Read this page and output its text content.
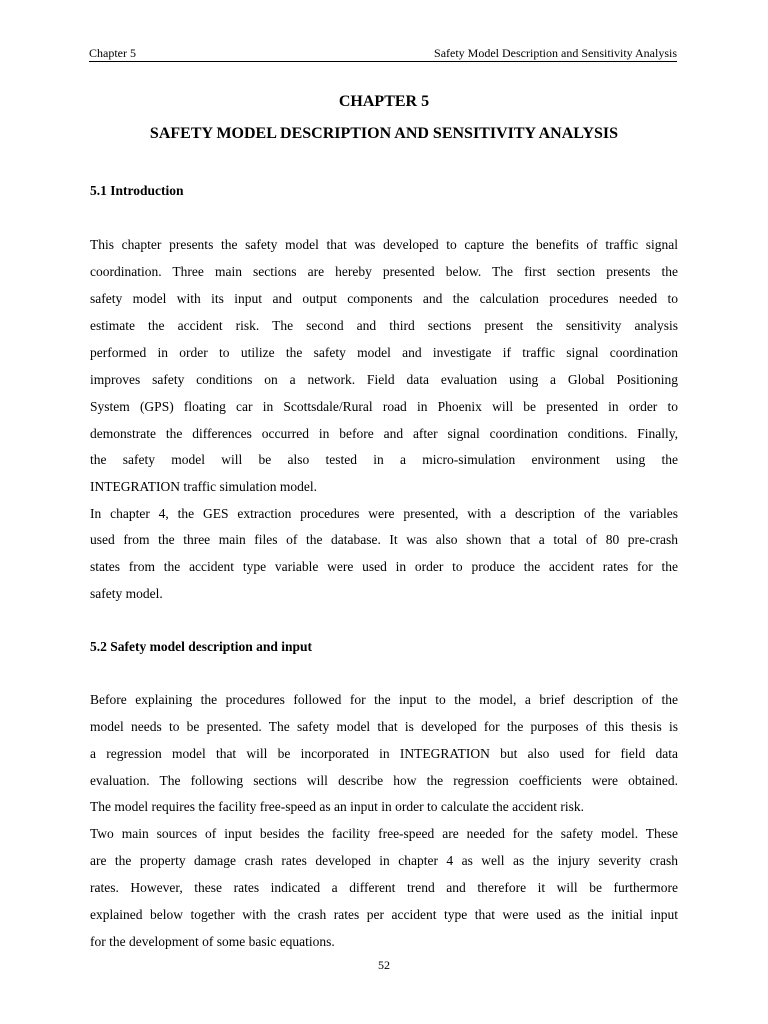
Chapter 5	Safety Model Description and Sensitivity Analysis
CHAPTER 5
SAFETY MODEL DESCRIPTION AND SENSITIVITY ANALYSIS
5.1 Introduction
This chapter presents the safety model that was developed to capture the benefits of traffic signal
coordination. Three main sections are hereby presented below. The first section presents the
safety model with its input and output components and the calculation procedures needed to
estimate the accident risk. The second and third sections present the sensitivity analysis
performed in order to utilize the safety model and investigate if traffic signal coordination
improves safety conditions on a network. Field data evaluation using a Global Positioning
System (GPS) floating car in Scottsdale/Rural road in Phoenix will be presented in order to
demonstrate the differences occurred in before and after signal coordination conditions. Finally,
the safety model will be also tested in a micro-simulation environment using the
INTEGRATION traffic simulation model.
In chapter 4, the GES extraction procedures were presented, with a description of the variables
used from the three main files of the database. It was also shown that a total of 80 pre-crash
states from the accident type variable were used in order to produce the accident rates for the
safety model.
5.2 Safety model description and input
Before explaining the procedures followed for the input to the model, a brief description of the
model needs to be presented. The safety model that is developed for the purposes of this thesis is
a regression model that will be incorporated in INTEGRATION but also used for field data
evaluation. The following sections will describe how the regression coefficients were obtained.
The model requires the facility free-speed as an input in order to calculate the accident risk.
Two main sources of input besides the facility free-speed are needed for the safety model. These
are the property damage crash rates developed in chapter 4 as well as the injury severity crash
rates. However, these rates indicated a different trend and therefore it will be furthermore
explained below together with the crash rates per accident type that were used as the initial input
for the development of some basic equations.
52
